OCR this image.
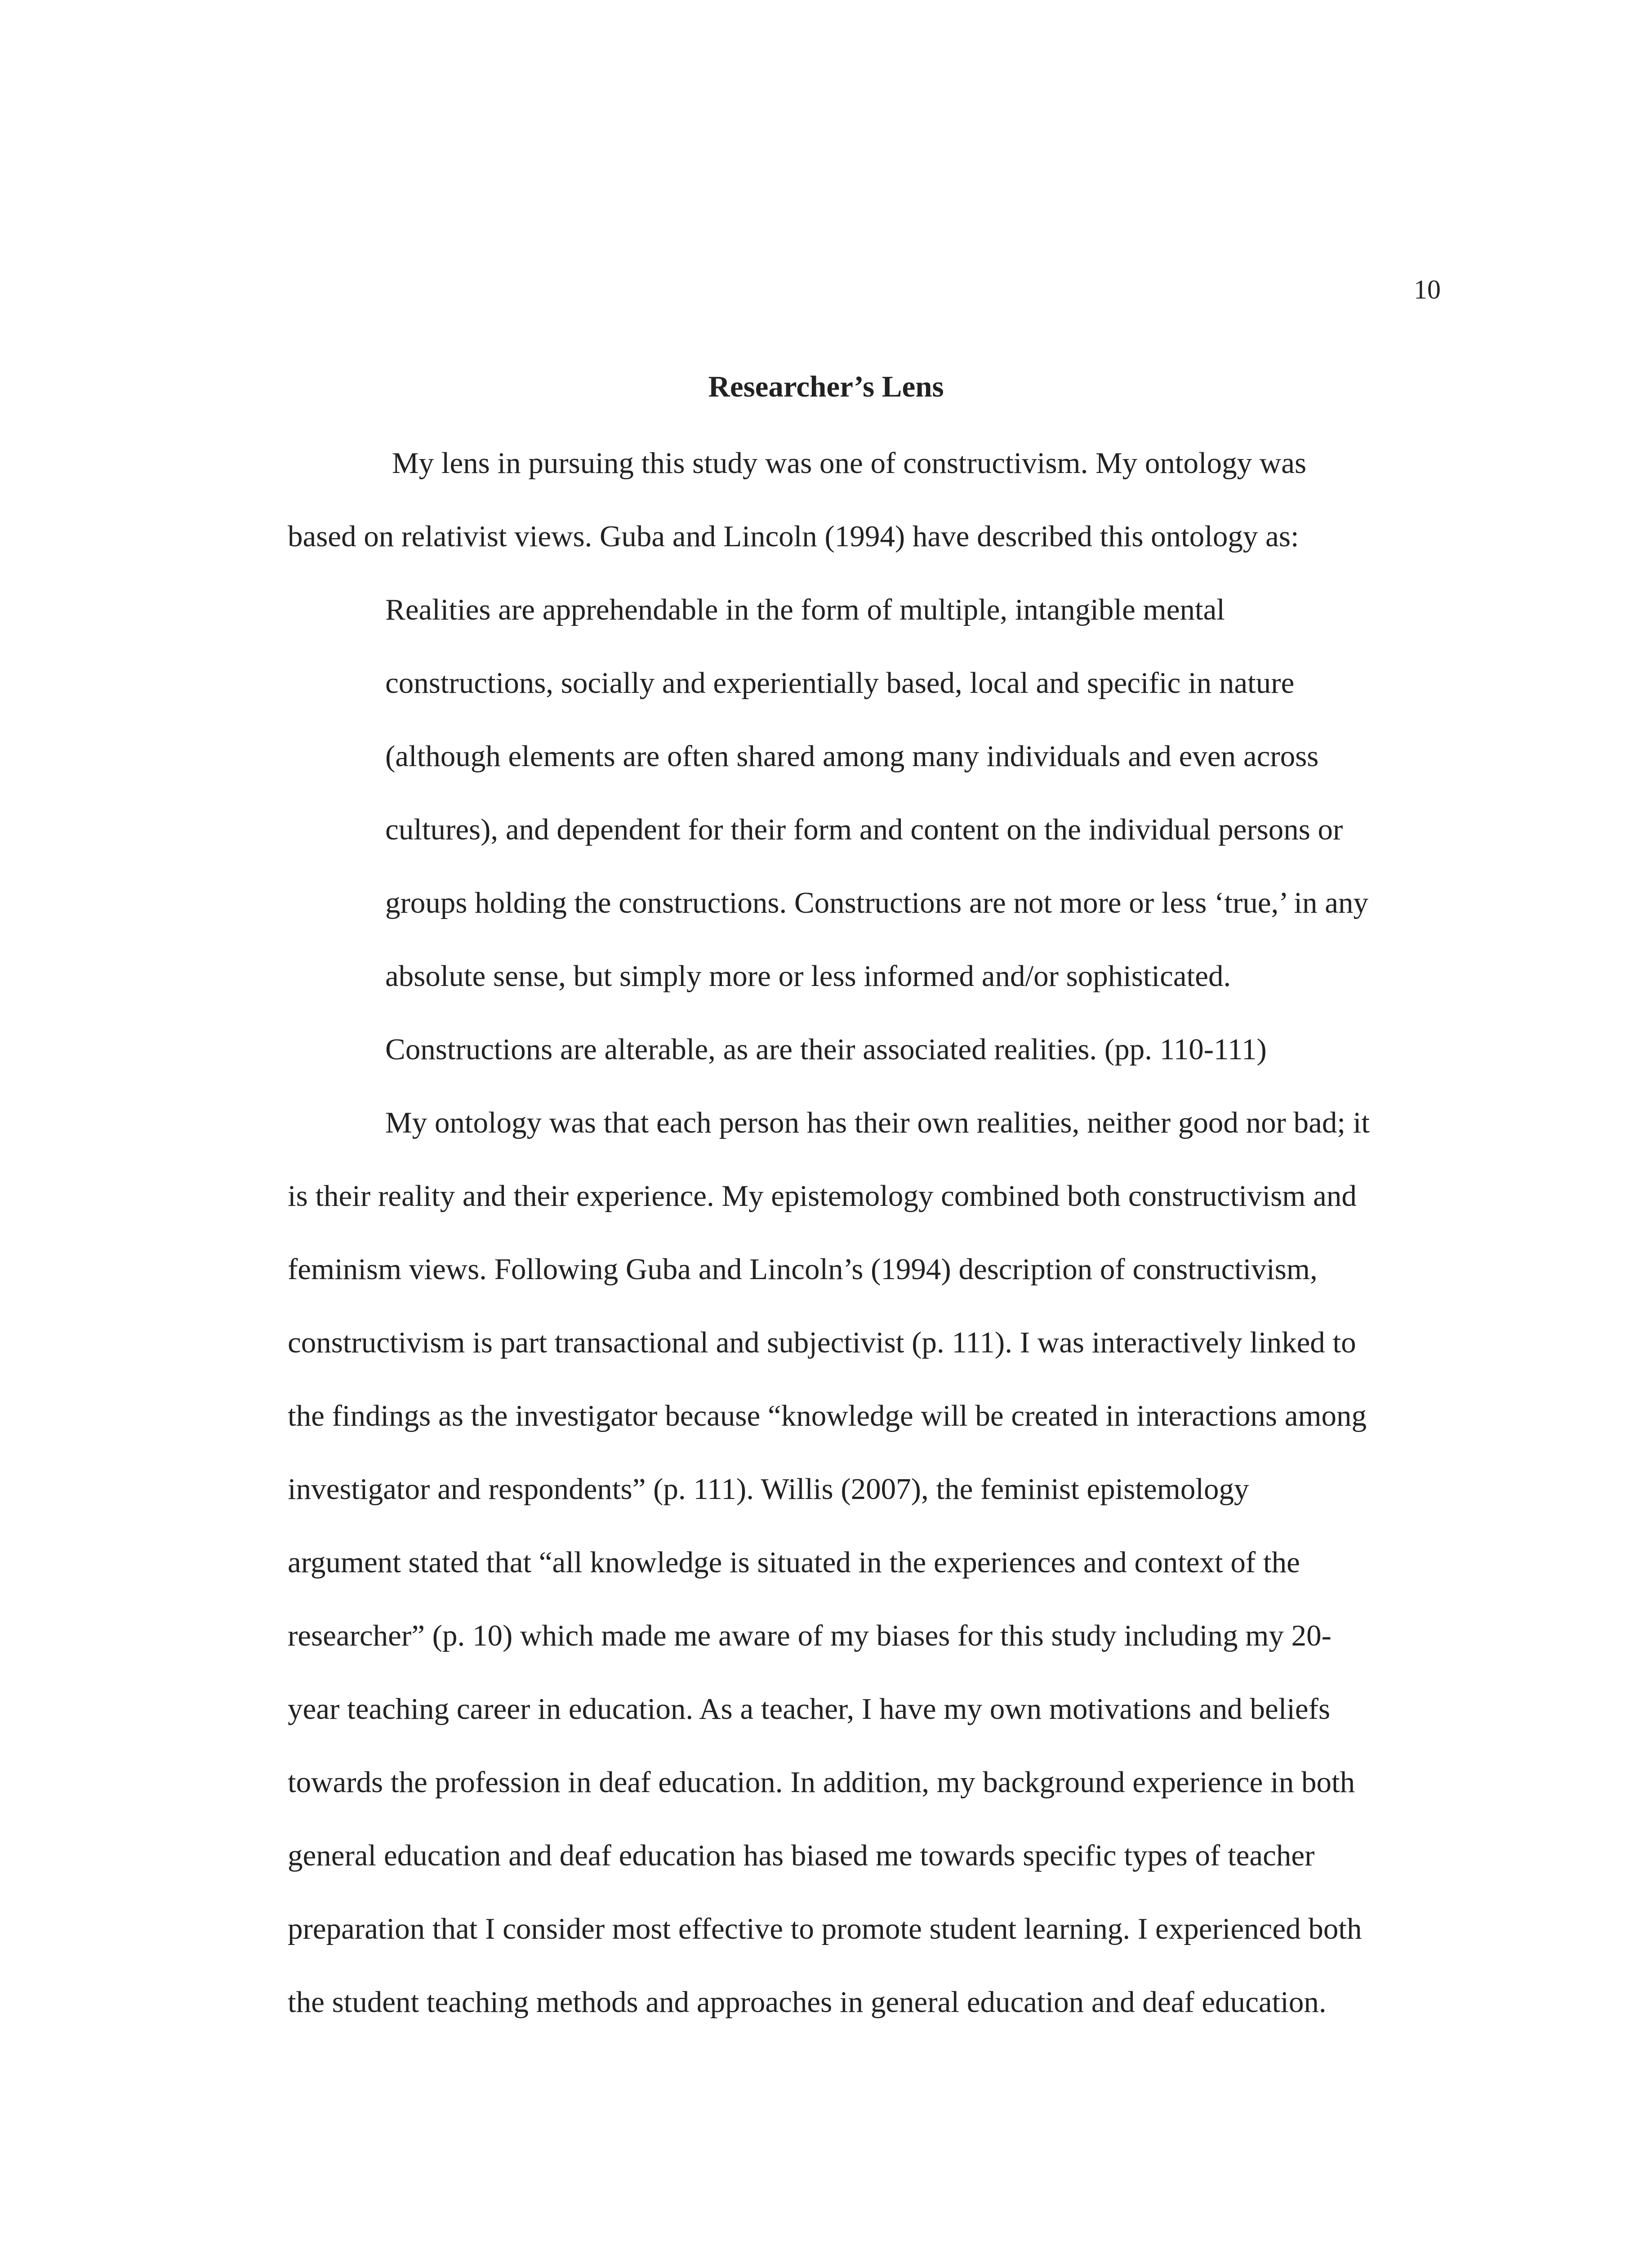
10
Researcher’s Lens
My lens in pursuing this study was one of constructivism. My ontology was
based on relativist views. Guba and Lincoln (1994) have described this ontology as:
Realities are apprehendable in the form of multiple, intangible mental
constructions, socially and experientially based, local and specific in nature
(although elements are often shared among many individuals and even across
cultures), and dependent for their form and content on the individual persons or
groups holding the constructions. Constructions are not more or less ‘true,’ in any
absolute sense, but simply more or less informed and/or sophisticated.
Constructions are alterable, as are their associated realities. (pp. 110-111)
My ontology was that each person has their own realities, neither good nor bad; it
is their reality and their experience. My epistemology combined both constructivism and
feminism views. Following Guba and Lincoln’s (1994) description of constructivism,
constructivism is part transactional and subjectivist (p. 111). I was interactively linked to
the findings as the investigator because “knowledge will be created in interactions among
investigator and respondents” (p. 111). Willis (2007), the feminist epistemology
argument stated that “all knowledge is situated in the experiences and context of the
researcher” (p. 10) which made me aware of my biases for this study including my 20-
year teaching career in education. As a teacher, I have my own motivations and beliefs
towards the profession in deaf education. In addition, my background experience in both
general education and deaf education has biased me towards specific types of teacher
preparation that I consider most effective to promote student learning. I experienced both
the student teaching methods and approaches in general education and deaf education.
